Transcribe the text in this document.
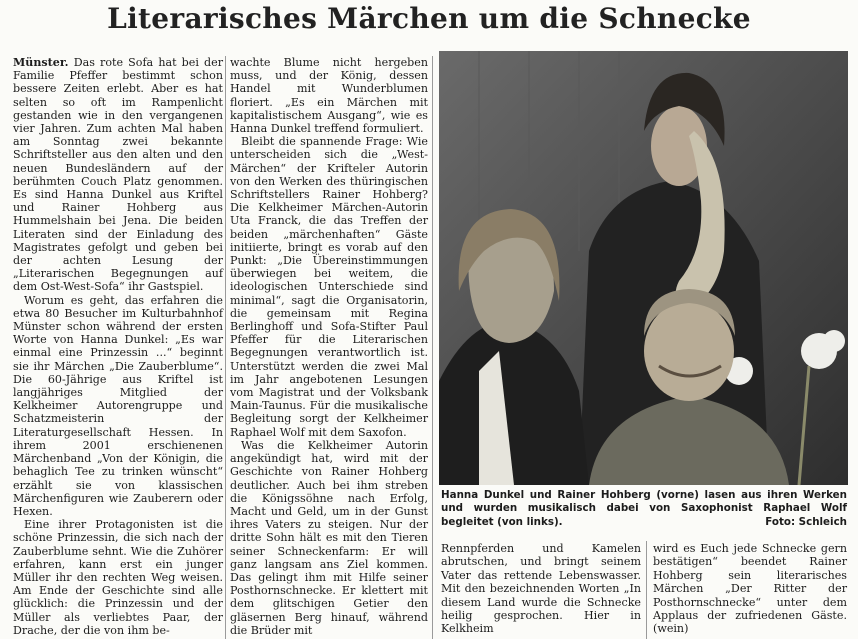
Literarisches Märchen um die Schnecke

Münster. Das rote Sofa hat bei der Familie Pfeffer bestimmt schon bessere Zeiten erlebt. Aber es hat selten so oft im Rampenlicht gestanden wie in den vergangenen vier Jahren. Zum achten Mal haben am Sonntag zwei bekannte Schriftsteller aus den alten und den neuen Bundesländern auf der berühmten Couch Platz genommen. Es sind Hanna Dunkel aus Kriftel und Rainer Hohberg aus Hummelshain bei Jena. Die beiden Literaten sind der Einladung des Magistrates gefolgt und geben bei der achten Lesung der „Literarischen Begegnungen auf dem Ost-West-Sofa“ ihr Gastspiel.

Worum es geht, das erfahren die etwa 80 Besucher im Kulturbahnhof Münster schon während der ersten Worte von Hanna Dunkel: „Es war einmal eine Prinzessin ...“ beginnt sie ihr Märchen „Die Zauberblume“. Die 60-Jährige aus Kriftel ist langjähriges Mitglied der Kelkheimer Autorengruppe und Schatzmeisterin der Literaturgesellschaft Hessen. In ihrem 2001 erschienenen Märchenband „Von der Königin, die behaglich Tee zu trinken wünscht“ erzählt sie von klassischen Märchenfiguren wie Zauberern oder Hexen.

Eine ihrer Protagonisten ist die schöne Prinzessin, die sich nach der Zauberblume sehnt. Wie die Zuhörer erfahren, kann erst ein junger Müller ihr den rechten Weg weisen. Am Ende der Geschichte sind alle glücklich: die Prinzessin und der Müller als verliebtes Paar, der Drache, der die von ihm be-

wachte Blume nicht hergeben muss, und der König, dessen Handel mit Wunderblumen floriert. „Es ein Märchen mit kapitalistischem Ausgang“, wie es Hanna Dunkel treffend formuliert.

Bleibt die spannende Frage: Wie unterscheiden sich die „West-Märchen“ der Krifteler Autorin von den Werken des thüringischen Schriftstellers Rainer Hohberg? Die Kelkheimer Märchen-Autorin Uta Franck, die das Treffen der beiden „märchenhaften“ Gäste initiierte, bringt es vorab auf den Punkt: „Die Übereinstimmungen überwiegen bei weitem, die ideologischen Unterschiede sind minimal“, sagt die Organisatorin, die gemeinsam mit Regina Berlinghoff und Sofa-Stifter Paul Pfeffer für die Literarischen Begegnungen verantwortlich ist. Unterstützt werden die zwei Mal im Jahr angebotenen Lesungen vom Magistrat und der Volksbank Main-Taunus. Für die musikalische Begleitung sorgt der Kelkheimer Raphael Wolf mit dem Saxofon.

Was die Kelkheimer Autorin angekündigt hat, wird mit der Geschichte von Rainer Hohberg deutlicher. Auch bei ihm streben die Königssöhne nach Erfolg, Macht und Geld, um in der Gunst ihres Vaters zu steigen. Nur der dritte Sohn hält es mit den Tieren seiner Schneckenfarm: Er will ganz langsam ans Ziel kommen. Das gelingt ihm mit Hilfe seiner Posthornschnecke. Er klettert mit dem glitschigen Getier den gläsernen Berg hinauf, während die Brüder mit

Hanna Dunkel und Rainer Hohberg (vorne) lasen aus ihren Werken und wurden musikalisch dabei von Saxophonist Raphael Wolf begleitet (von links).	Foto: Schleich
Rennpferden und Kamelen abrutschen, und bringt seinem Vater das rettende Lebenswasser. Mit den bezeichnenden Worten „In diesem Land wurde die Schnecke heilig gesprochen. Hier in Kelkheim
wird es Euch jede Schnecke gern bestätigen“ beendet Rainer Hohberg sein literarisches Märchen „Der Ritter der Posthornschnecke“ unter dem Applaus der zufriedenen Gäste. (wein)
